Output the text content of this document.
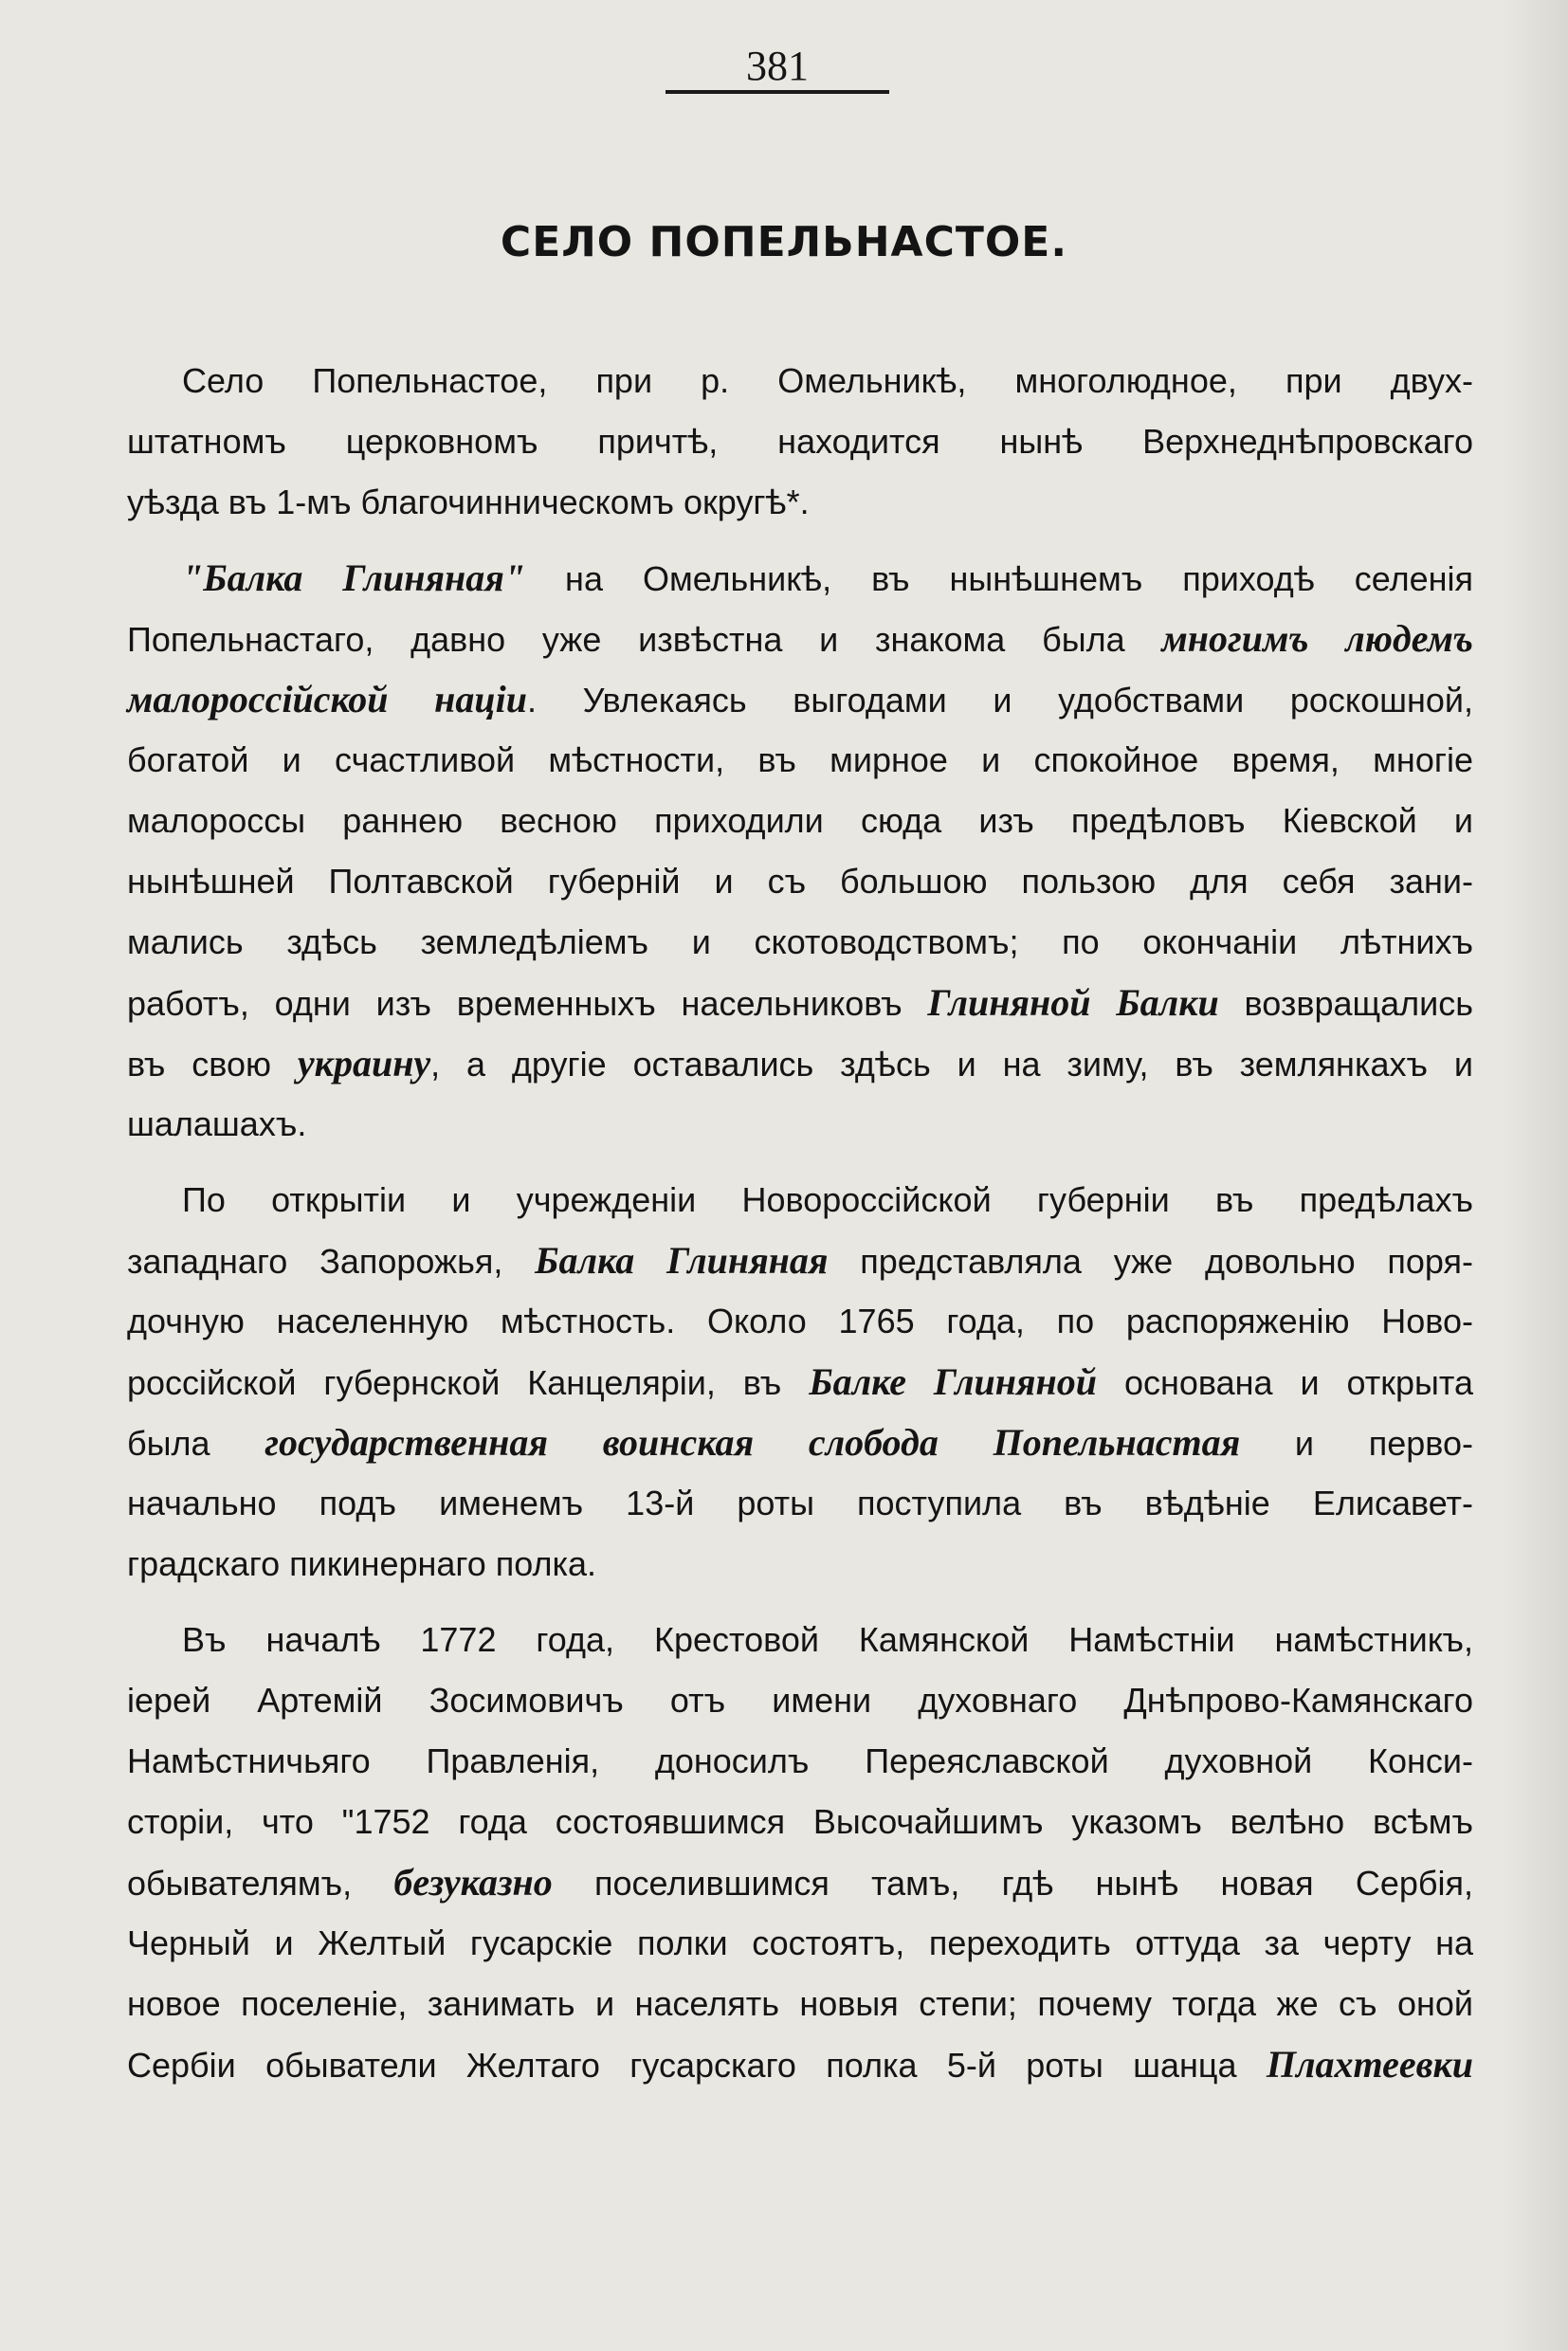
381
СЕЛО ПОПЕЛЬНАСТОЕ.
Село Попельнастое, при р. Омельникѣ, многолюдное, при двух-
штатномъ церковномъ причтѣ, находится нынѣ Верхнеднѣпровскаго
уѣзда въ 1-мъ благочинническомъ округѣ*.
"Балка Глиняная" на Омельникѣ, въ нынѣшнемъ приходѣ селенія
Попельнастаго, давно уже извѣстна и знакома была многимъ людемъ
малороссійской націи. Увлекаясь выгодами и удобствами роскошной,
богатой и счастливой мѣстности, въ мирное и спокойное время, многіе
малороссы раннею весною приходили сюда изъ предѣловъ Кіевской и
нынѣшней Полтавской губерній и съ большою пользою для себя зани-
мались здѣсь земледѣліемъ и скотоводствомъ; по окончаніи лѣтнихъ
работъ, одни изъ временныхъ насельниковъ Глиняной Балки возвращались
въ свою украину, а другіе оставались здѣсь и на зиму, въ землянкахъ и
шалашахъ.
По открытіи и учрежденіи Новороссійской губерніи въ предѣлахъ
западнаго Запорожья, Балка Глиняная представляла уже довольно поря-
дочную населенную мѣстность. Около 1765 года, по распоряженію Ново-
россійской губернской Канцеляріи, въ Балке Глиняной основана и открыта
была государственная воинская слобода Попельнастая и перво-
начально подъ именемъ 13-й роты поступила въ вѣдѣніе Елисавет-
градскаго пикинернаго полка.
Въ началѣ 1772 года, Крестовой Камянской Намѣстніи намѣстникъ,
іерей Артемій Зосимовичъ отъ имени духовнаго Днѣпрово-Камянскаго
Намѣстничьяго Правленія, доносилъ Переяславской духовной Конси-
сторіи, что "1752 года состоявшимся Высочайшимъ указомъ велѣно всѣмъ
обывателямъ, безуказно поселившимся тамъ, гдѣ нынѣ новая Сербія,
Черный и Желтый гусарскіе полки состоятъ, переходить оттуда за черту на
новое поселеніе, занимать и населять новыя степи; почему тогда же съ оной
Сербіи обыватели Желтаго гусарскаго полка 5-й роты шанца Плахтеевки
